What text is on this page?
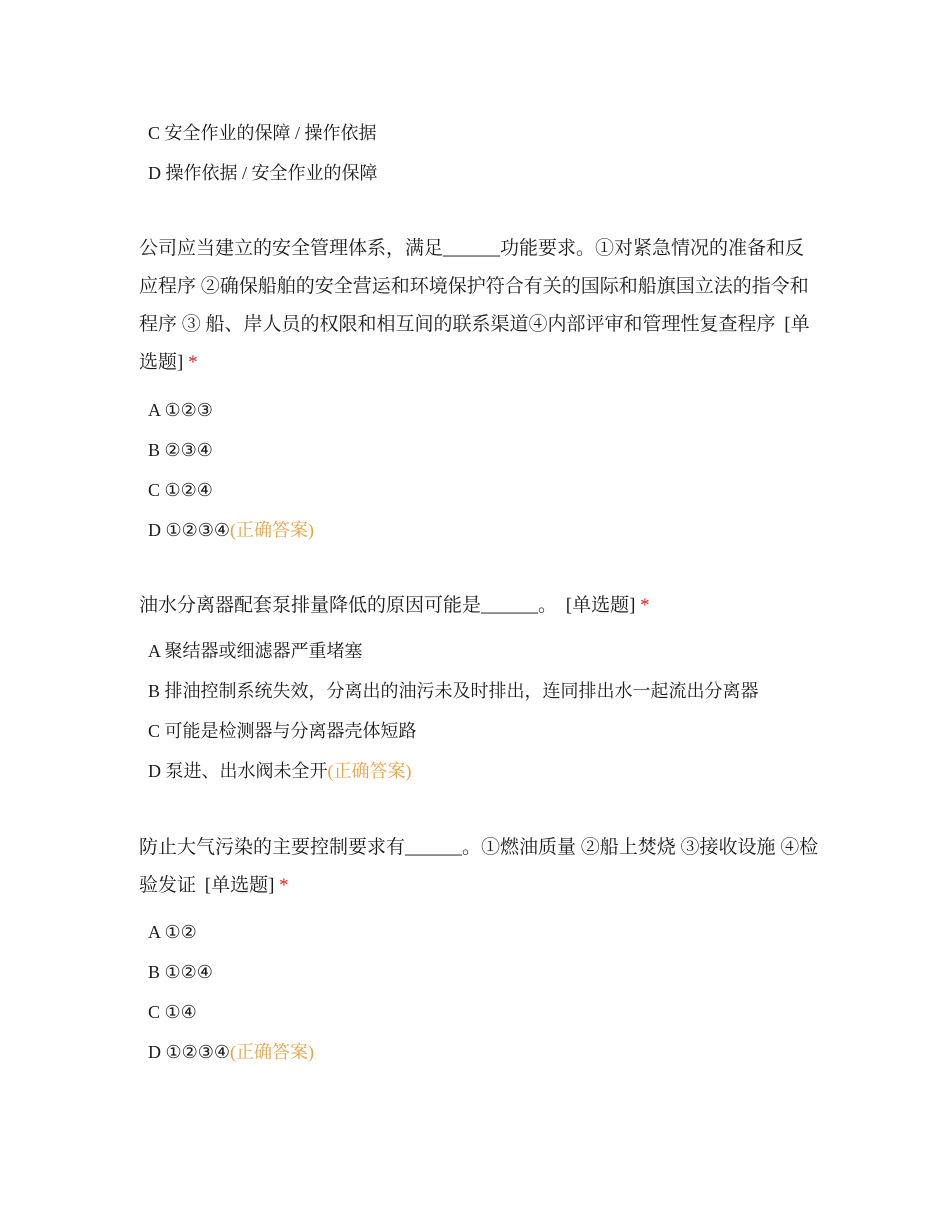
C 安全作业的保障 / 操作依据
D 操作依据 / 安全作业的保障
公司应当建立的安全管理体系，满足______功能要求。①对紧急情况的准备和反应程序 ②确保船舶的安全营运和环境保护符合有关的国际和船旗国立法的指令和程序 ③ 船、岸人员的权限和相互间的联系渠道④内部评审和管理性复查程序 [单选题] *
A ①②③
B ②③④
C ①②④
D ①②③④(正确答案)
油水分离器配套泵排量降低的原因可能是______。 [单选题] *
A 聚结器或细滤器严重堵塞
B 排油控制系统失效，分离出的油污未及时排出，连同排出水一起流出分离器
C 可能是检测器与分离器壳体短路
D 泵进、出水阀未全开(正确答案)
防止大气污染的主要控制要求有______。①燃油质量 ②船上焚烧 ③接收设施 ④检验发证 [单选题] *
A ①②
B ①②④
C ①④
D ①②③④(正确答案)
